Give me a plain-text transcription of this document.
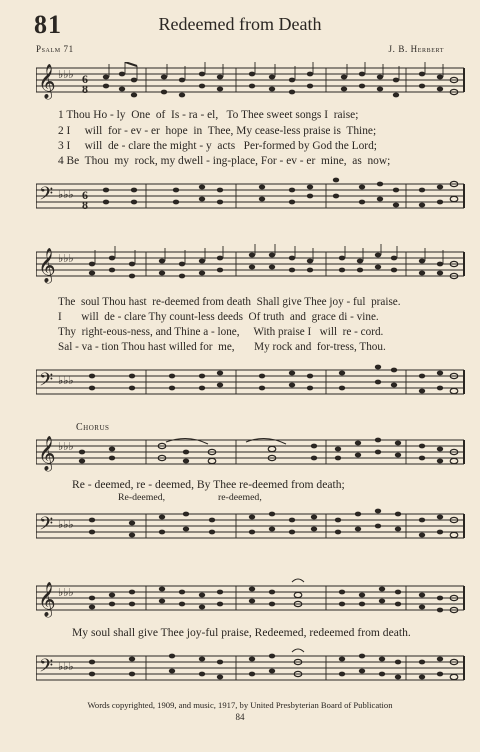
81	Redeemed from Death
Psalm 71	J. B. Herbert
𝄞 ♭♭♭ 6
8
1 Thou Ho - ly  One  of  Is - ra - el,   To Thee sweet songs I  raise;
2 I     will  for - ev - er  hope  in  Thee, My cease-less praise is  Thine;
3 I     will  de - clare the might - y  acts   Per-formed by God the Lord;
4 Be  Thou  my  rock, my dwell - ing-place, For - ev - er  mine,  as  now;
𝄢 ♭♭♭ 6
8
𝄞 ♭♭♭
The  soul Thou hast  re-deemed from death  Shall give Thee joy - ful  praise.
I       will  de - clare Thy count-less deeds  Of truth  and  grace di - vine.
Thy  right-eous-ness, and Thine a - lone,     With praise I   will  re - cord.
Sal - va - tion Thou hast willed for  me,       My rock and  for-tress, Thou.
𝄢 ♭♭♭
Chorus
𝄞 ♭♭♭
Re - deemed, re - deemed, By Thee re-deemed from death;
Re-deemed,	re-deemed,
𝄢 ♭♭♭
𝄞 ♭♭♭
My soul shall give Thee joy-ful praise, Redeemed, redeemed from death.
𝄢 ♭♭♭
Words copyrighted, 1909, and music, 1917, by United Presbyterian Board of Publication
84
